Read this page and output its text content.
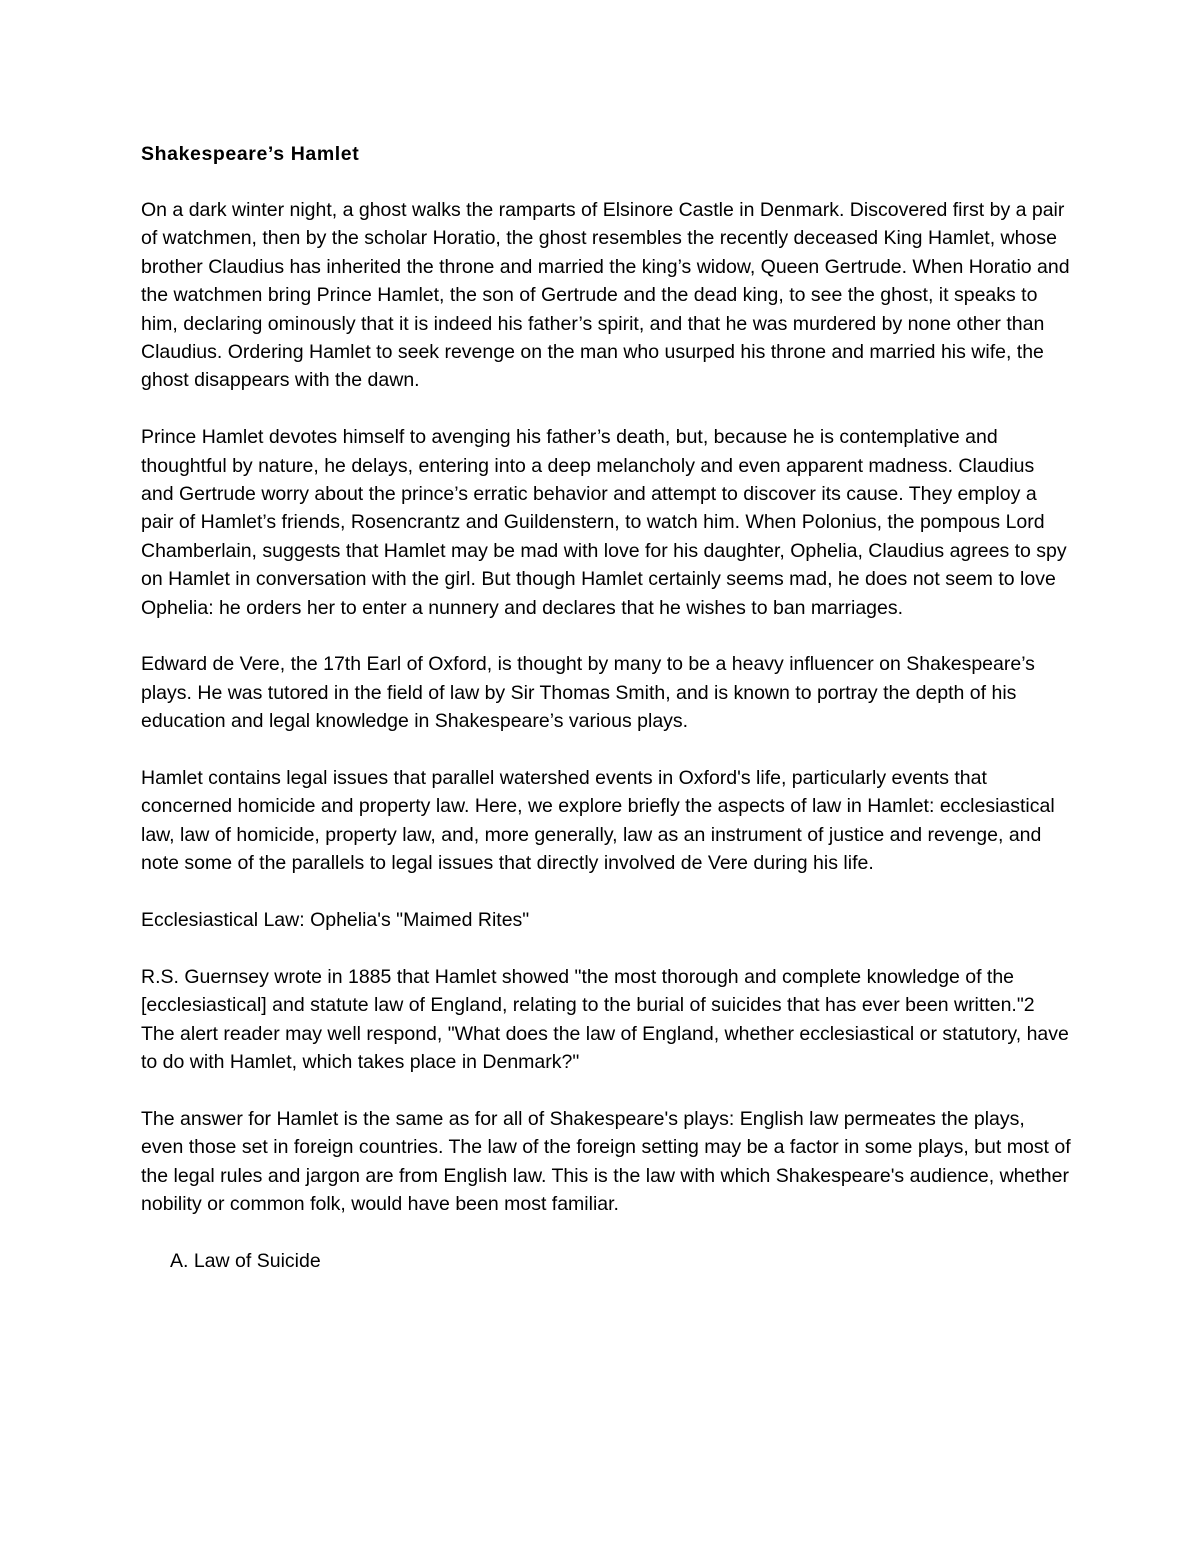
Shakespeare’s Hamlet

On a dark winter night, a ghost walks the ramparts of Elsinore Castle in Denmark. Discovered first by a pair of watchmen, then by the scholar Horatio, the ghost resembles the recently deceased King Hamlet, whose brother Claudius has inherited the throne and married the king’s widow, Queen Gertrude. When Horatio and the watchmen bring Prince Hamlet, the son of Gertrude and the dead king, to see the ghost, it speaks to him, declaring ominously that it is indeed his father’s spirit, and that he was murdered by none other than Claudius. Ordering Hamlet to seek revenge on the man who usurped his throne and married his wife, the ghost disappears with the dawn.

Prince Hamlet devotes himself to avenging his father’s death, but, because he is contemplative and thoughtful by nature, he delays, entering into a deep melancholy and even apparent madness. Claudius and Gertrude worry about the prince’s erratic behavior and attempt to discover its cause. They employ a pair of Hamlet’s friends, Rosencrantz and Guildenstern, to watch him. When Polonius, the pompous Lord Chamberlain, suggests that Hamlet may be mad with love for his daughter, Ophelia, Claudius agrees to spy on Hamlet in conversation with the girl. But though Hamlet certainly seems mad, he does not seem to love Ophelia: he orders her to enter a nunnery and declares that he wishes to ban marriages.

Edward de Vere, the 17th Earl of Oxford, is thought by many to be a heavy influencer on Shakespeare’s plays. He was tutored in the field of law by Sir Thomas Smith, and is known to portray the depth of his education and legal knowledge in Shakespeare’s various plays.

Hamlet contains legal issues that parallel watershed events in Oxford's life, particularly events that concerned homicide and property law. Here, we explore briefly the aspects of law in Hamlet: ecclesiastical law, law of homicide, property law, and, more generally, law as an instrument of justice and revenge, and note some of the parallels to legal issues that directly involved de Vere during his life.

Ecclesiastical Law: Ophelia's "Maimed Rites"

R.S. Guernsey wrote in 1885 that Hamlet showed "the most thorough and complete knowledge of the [ecclesiastical] and statute law of England, relating to the burial of suicides that has ever been written."2 The alert reader may well respond, "What does the law of England, whether ecclesiastical or statutory, have to do with Hamlet, which takes place in Denmark?"

The answer for Hamlet is the same as for all of Shakespeare's plays: English law permeates the plays, even those set in foreign countries. The law of the foreign setting may be a factor in some plays, but most of the legal rules and jargon are from English law. This is the law with which Shakespeare's audience, whether nobility or common folk, would have been most familiar.

A. Law of Suicide
